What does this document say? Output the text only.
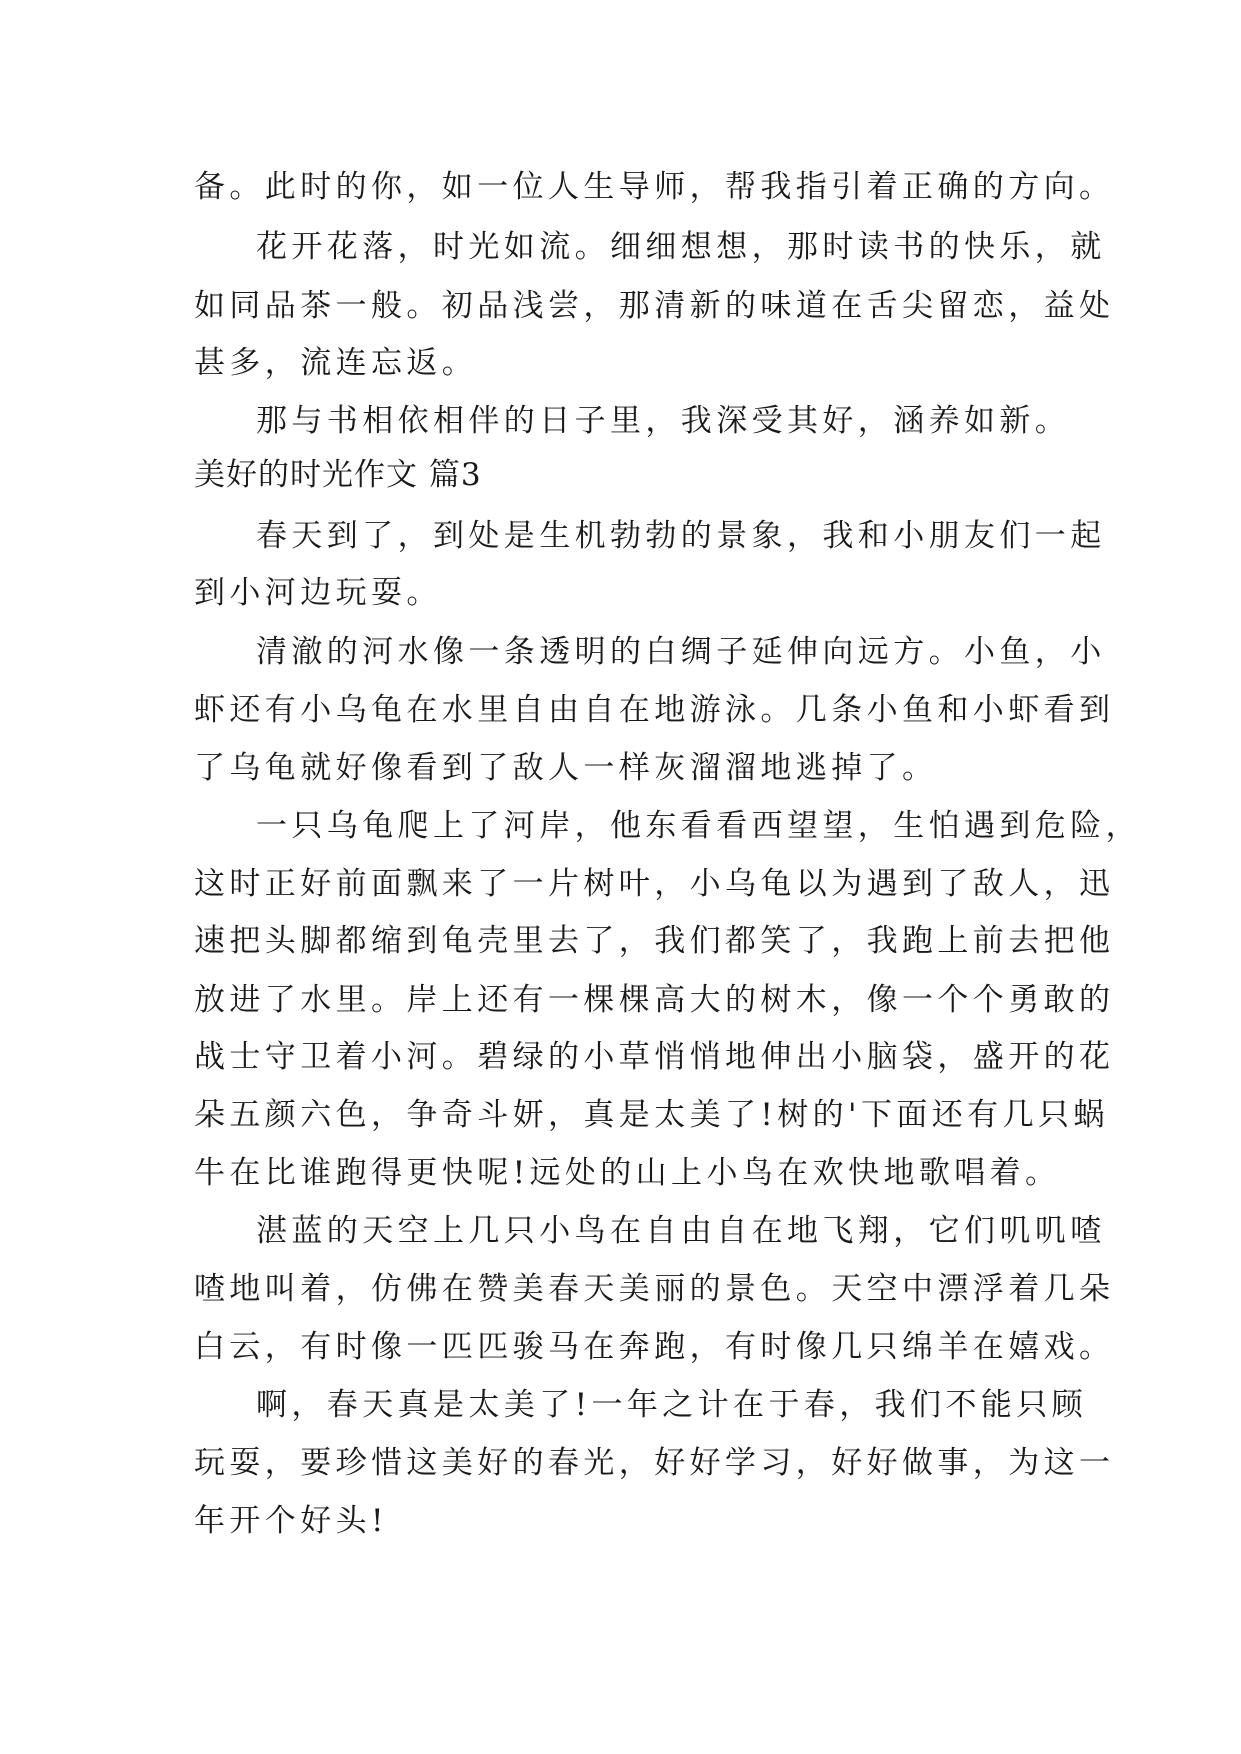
备。此时的你，如一位人生导师，帮我指引着正确的方向。
花开花落，时光如流。细细想想，那时读书的快乐，就
如同品茶一般。初品浅尝，那清新的味道在舌尖留恋，益处
甚多，流连忘返。
那与书相依相伴的日子里，我深受其好，涵养如新。
美好的时光作文 篇3
春天到了，到处是生机勃勃的景象，我和小朋友们一起
到小河边玩耍。
清澈的河水像一条透明的白绸子延伸向远方。小鱼，小
虾还有小乌龟在水里自由自在地游泳。几条小鱼和小虾看到
了乌龟就好像看到了敌人一样灰溜溜地逃掉了。
一只乌龟爬上了河岸，他东看看西望望，生怕遇到危险，
这时正好前面飘来了一片树叶，小乌龟以为遇到了敌人，迅
速把头脚都缩到龟壳里去了，我们都笑了，我跑上前去把他
放进了水里。岸上还有一棵棵高大的树木，像一个个勇敢的
战士守卫着小河。碧绿的小草悄悄地伸出小脑袋，盛开的花
朵五颜六色，争奇斗妍，真是太美了!树的'下面还有几只蜗
牛在比谁跑得更快呢!远处的山上小鸟在欢快地歌唱着。
湛蓝的天空上几只小鸟在自由自在地飞翔，它们叽叽喳
喳地叫着，仿佛在赞美春天美丽的景色。天空中漂浮着几朵
白云，有时像一匹匹骏马在奔跑，有时像几只绵羊在嬉戏。
啊，春天真是太美了!一年之计在于春，我们不能只顾
玩耍，要珍惜这美好的春光，好好学习，好好做事，为这一
年开个好头!
